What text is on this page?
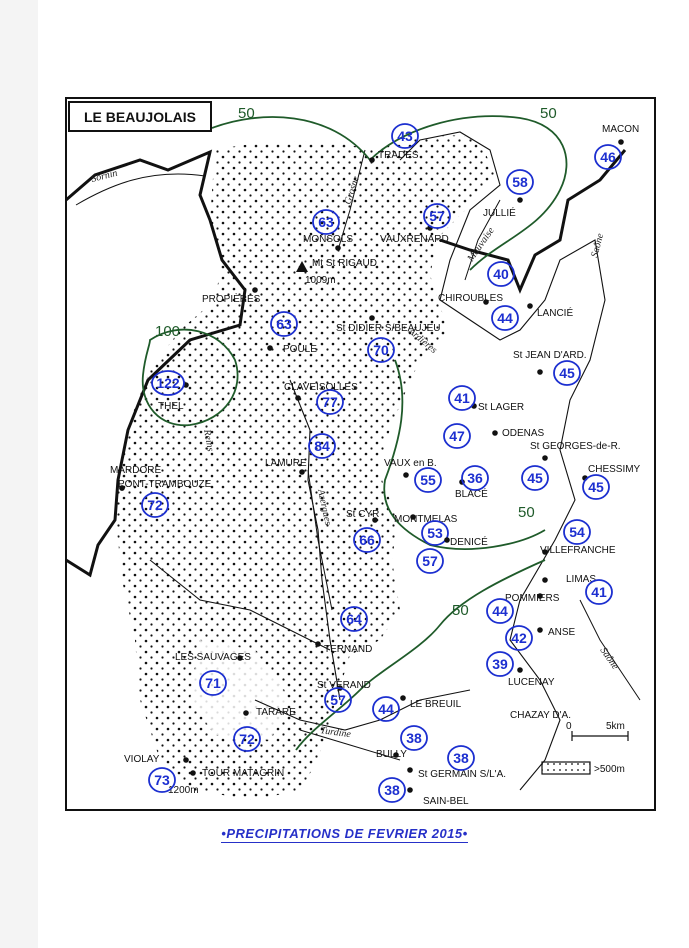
50	50
50
50
100
Sornin	Grosne
Mauvaise	Saône
Ardières
Reins
Azergues
Turdine
Saône
Mt St RIGAUD
1009m
1200m
TRADES
43	MACON
46
JULLIÉ
58
MONSOLS
63
VAUXRENARD
57
CHIROUBLES
40
LANCIÉ
44
PROPIÈRES
POULE
63	St DIDIER S/BEAUJEU
70	St JEAN D'ARD.
45
THEL
122	CLAVEISOLLES
77	St LAGER
41
ODENAS
47
LAMURE
84
VAUX en B.
55
BLACÉ
36
St GEORGES-de-R.
45
CHESSIMY
45
MARDORE
PONT-TRAMBOUZE
72
St CYR
66
MONTMELAS
53
DENICÉ
57
VILLEFRANCHE
54
LIMAS
41
POMMIERS
44
TERNAND
64
ANSE
42
LES SAUVAGES
71	LUCENAY
39
St VERAND
57	LE BREUIL
44
TARARE
72
CHAZAY D'A.
BULLY
38
St GERMAIN S/L'A.
38
VIOLAY
73	TOUR MATAGRIN
SAIN-BEL
38
0	5km
>500m
LE BEAUJOLAIS
•PRECIPITATIONS DE FEVRIER 2015•
